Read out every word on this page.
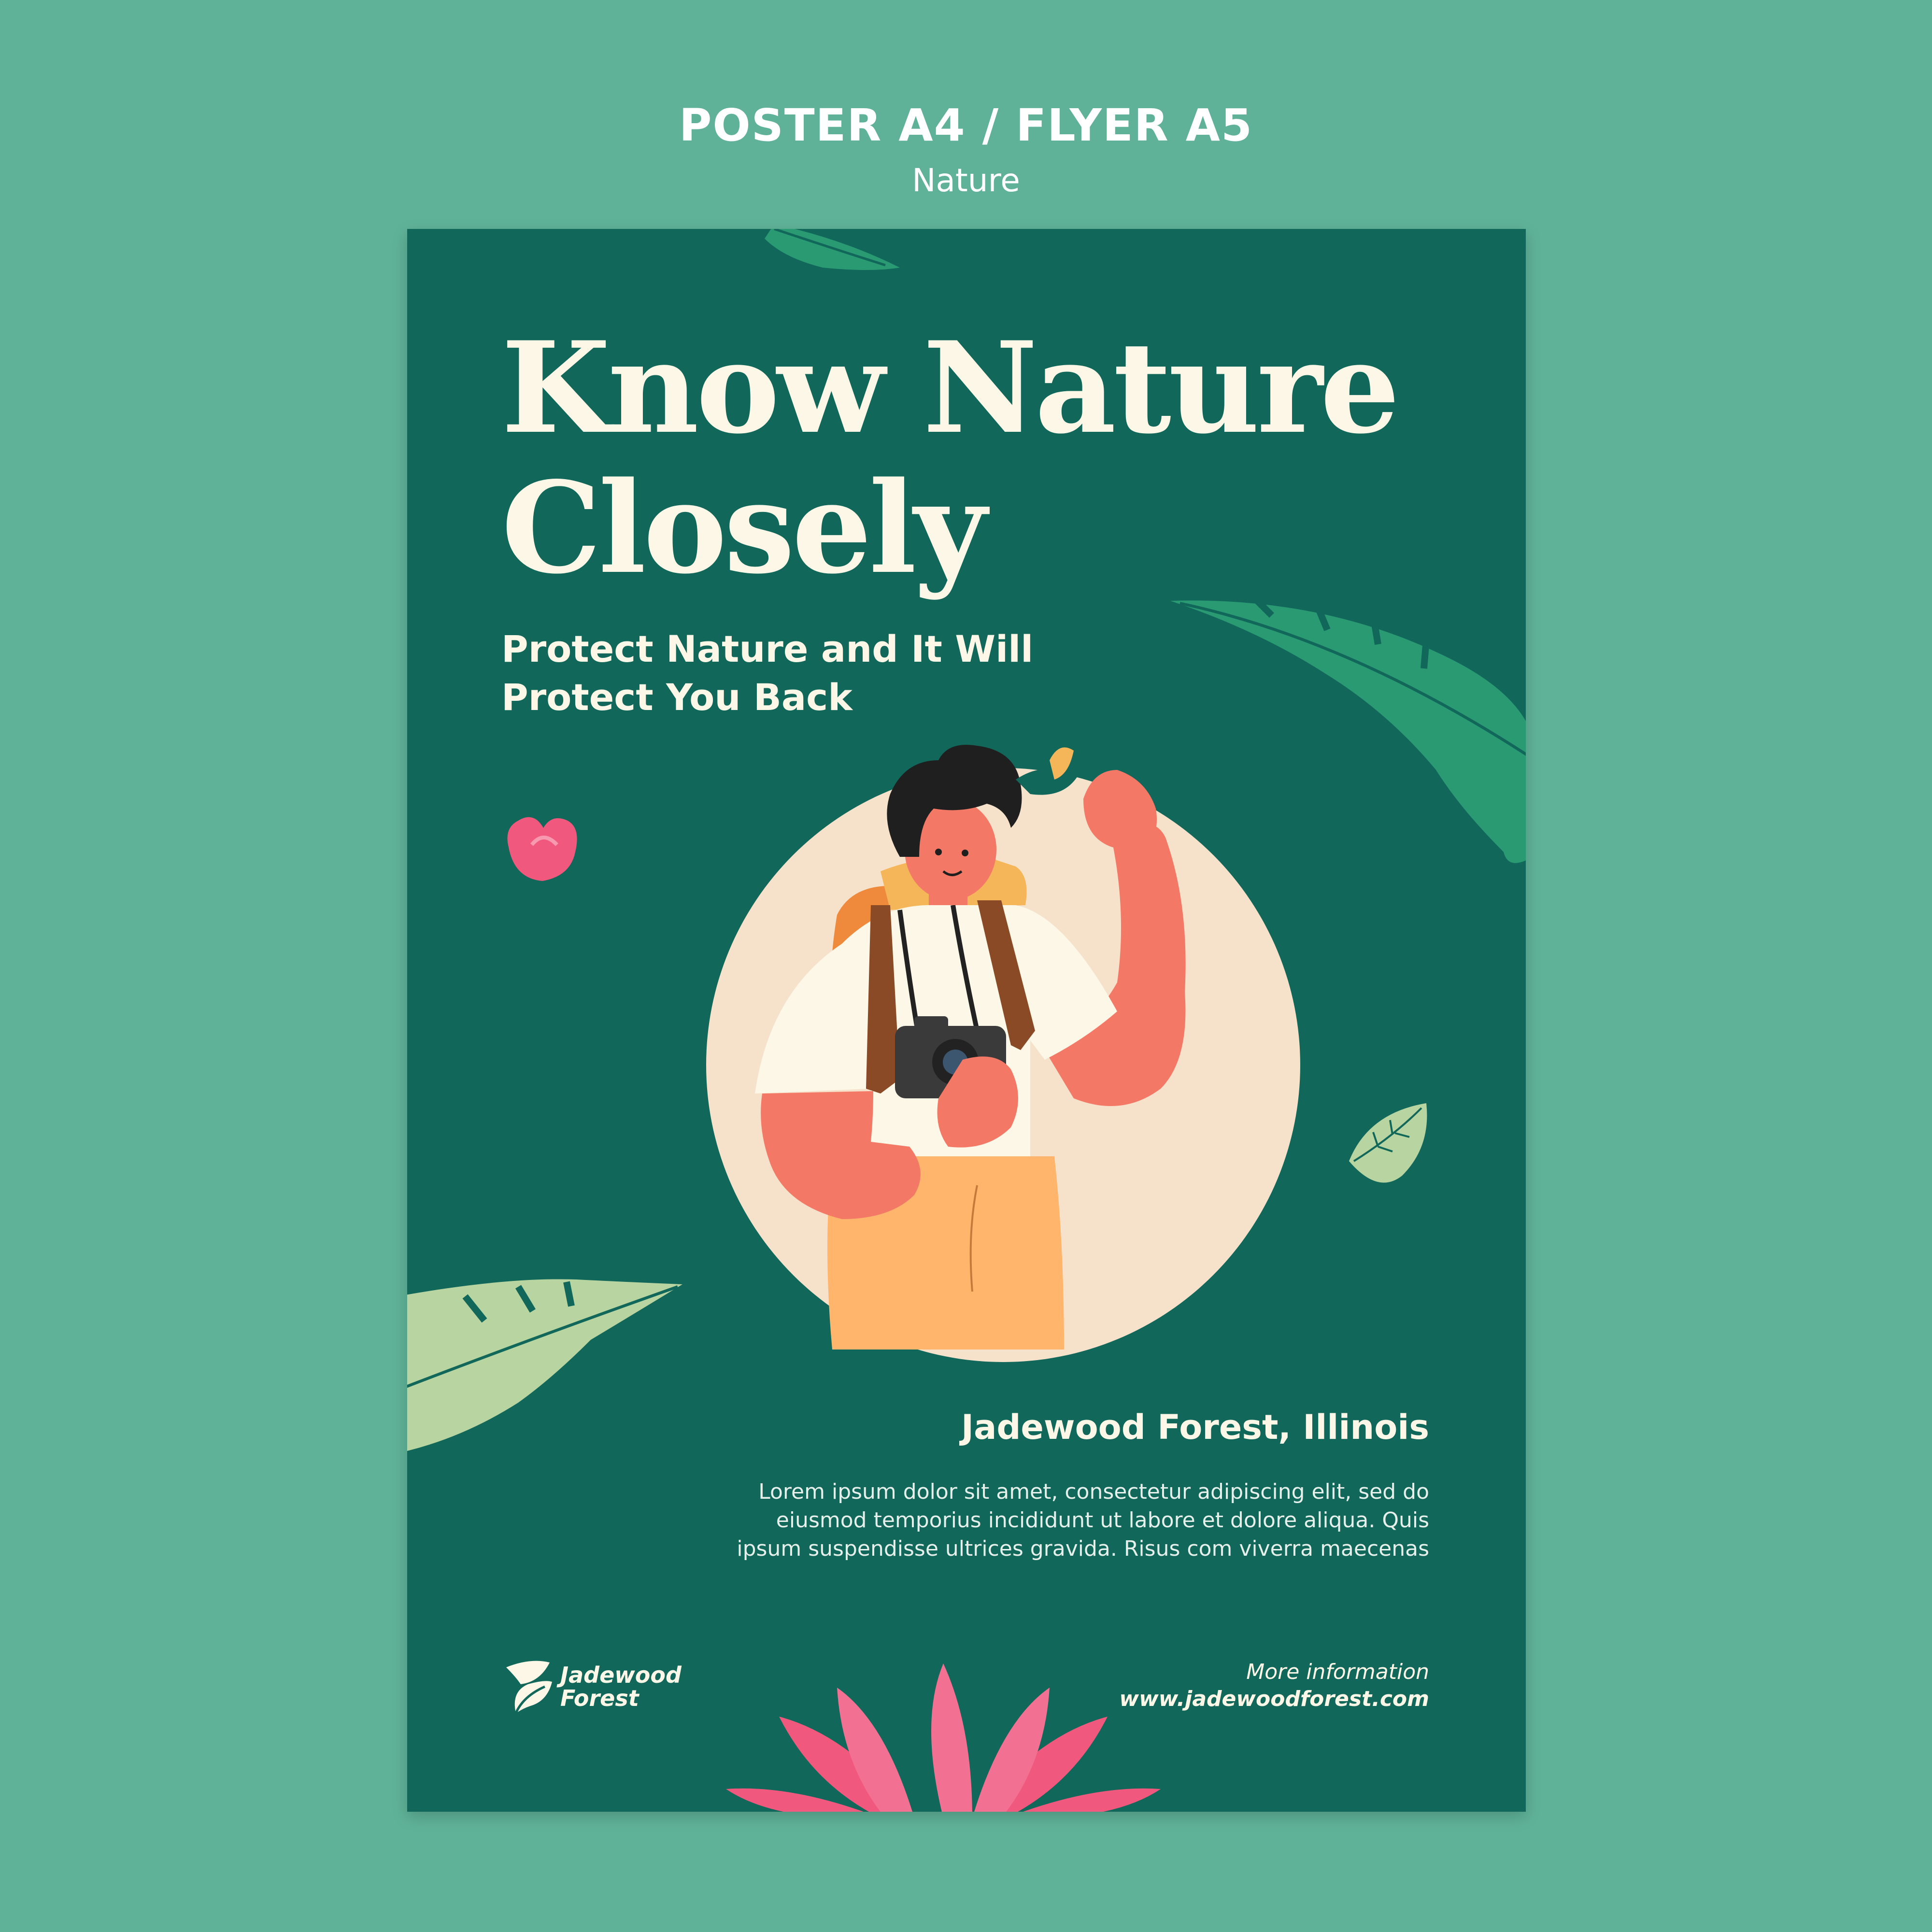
POSTER A4 / FLYER A5
Nature
Know Nature
Closely
Protect Nature and It Will
Protect You Back
Jadewood Forest, Illinois
Lorem ipsum dolor sit amet, consectetur adipiscing elit, sed do
eiusmod temporius incididunt ut labore et dolore aliqua. Quis
ipsum suspendisse ultrices gravida. Risus com viverra maecenas
Jadewood
Forest
More information
www.jadewoodforest.com
